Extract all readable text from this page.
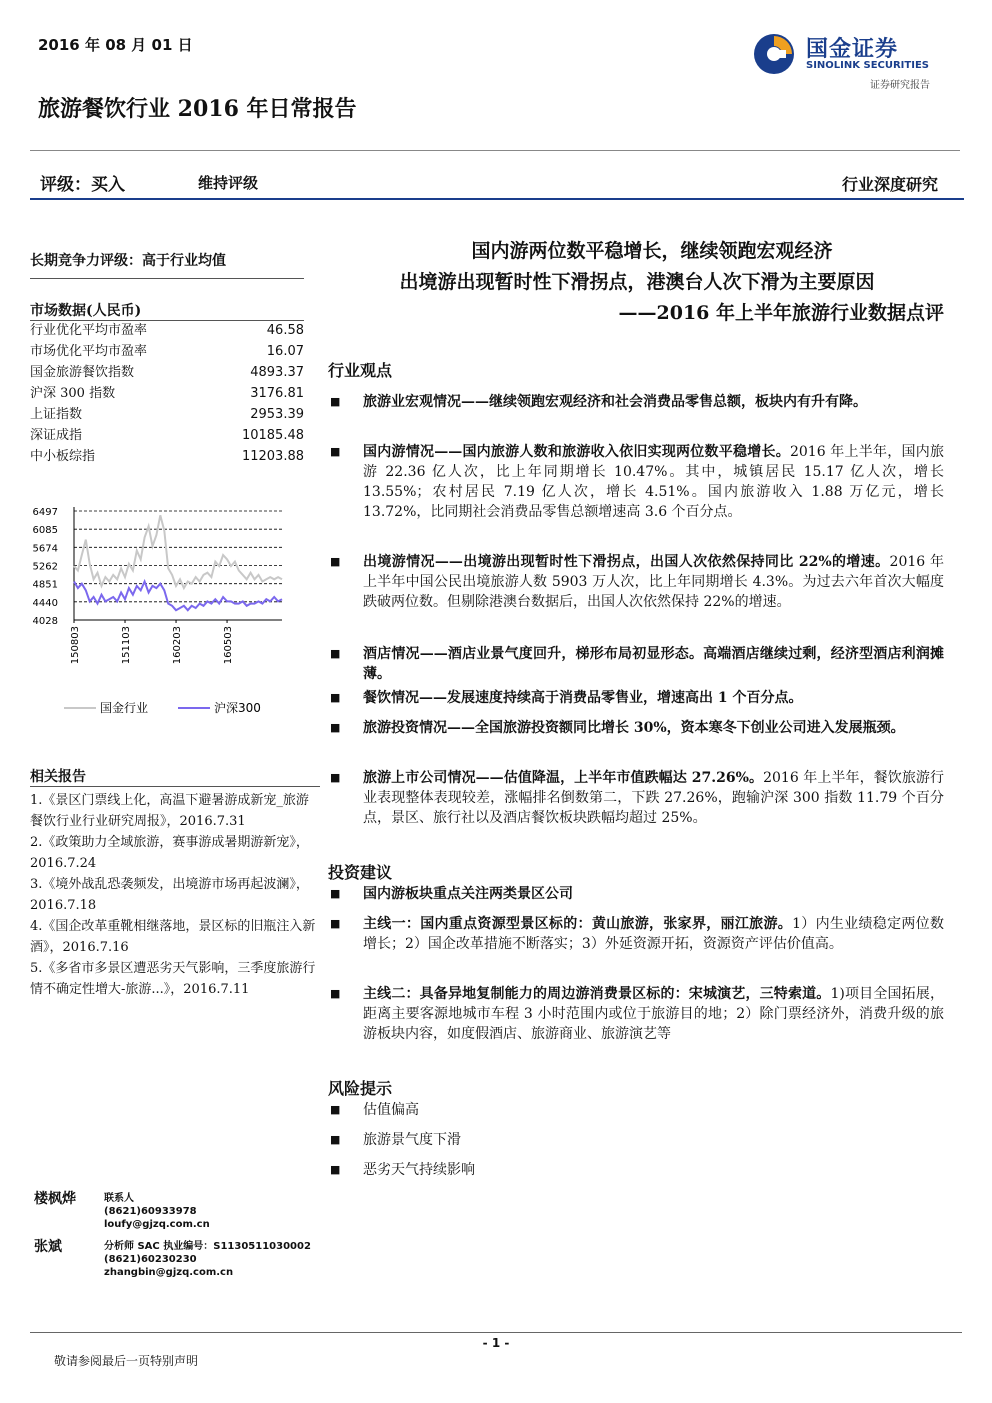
2016 年 08 月 01 日	国金证券
SINOLINK SECURITIES
证券研究报告
旅游餐饮行业 2016 年日常报告
评级：买入	维持评级	行业深度研究
长期竞争力评级：高于行业均值
市场数据(人民币)
行业优化平均市盈率	46.58
市场优化平均市盈率	16.07
国金旅游餐饮指数	4893.37
沪深 300 指数	3176.81
上证指数	2953.39
深证成指	10185.48
中小板综指	11203.88
6497
6085
5674
5262
4851
4440
4028
150803	151103	160203	160503
国金行业	沪深300
相关报告

1.《景区门票线上化，高温下避暑游成新宠_旅游餐饮行业行业研究周报》，2016.7.31

2.《政策助力全域旅游，赛事游成暑期游新宠》，2016.7.24

3.《境外战乱恐袭频发，出境游市场再起波澜》，2016.7.18

4.《国企改革重靴相继落地，景区标的旧瓶注入新酒》，2016.7.16

5.《多省市多景区遭恶劣天气影响，三季度旅游行情不确定性增大-旅游...》，2016.7.11

国内游两位数平稳增长，继续领跑宏观经济
出境游出现暂时性下滑拐点，港澳台人次下滑为主要原因
——2016 年上半年旅游行业数据点评
行业观点
■ 旅游业宏观情况——继续领跑宏观经济和社会消费品零售总额，板块内有升有降。
■ 国内游情况——国内旅游人数和旅游收入依旧实现两位数平稳增长。2016 年上半年，国内旅游 22.36 亿人次，比上年同期增长 10.47%。其中，城镇居民 15.17 亿人次，增长 13.55%；农村居民 7.19 亿人次，增长 4.51%。国内旅游收入 1.88 万亿元，增长 13.72%，比同期社会消费品零售总额增速高 3.6 个百分点。
■ 出境游情况——出境游出现暂时性下滑拐点，出国人次依然保持同比 22%的增速。2016 年上半年中国公民出境旅游人数 5903 万人次，比上年同期增长 4.3%。为过去六年首次大幅度跌破两位数。但剔除港澳台数据后，出国人次依然保持 22%的增速。
■ 酒店情况——酒店业景气度回升，梯形布局初显形态。高端酒店继续过剩，经济型酒店利润摊薄。
■ 餐饮情况——发展速度持续高于消费品零售业，增速高出 1 个百分点。
■ 旅游投资情况——全国旅游投资额同比增长 30%，资本寒冬下创业公司进入发展瓶颈。
■ 旅游上市公司情况——估值降温，上半年市值跌幅达 27.26%。2016 年上半年，餐饮旅游行业表现整体表现较差，涨幅排名倒数第二，下跌 27.26%，跑输沪深 300 指数 11.79 个百分点，景区、旅行社以及酒店餐饮板块跌幅均超过 25%。
投资建议
■ 国内游板块重点关注两类景区公司
■ 主线一：国内重点资源型景区标的：黄山旅游，张家界，丽江旅游。1）内生业绩稳定两位数增长；2）国企改革措施不断落实；3）外延资源开拓，资源资产评估价值高。
■ 主线二：具备异地复制能力的周边游消费景区标的：宋城演艺，三特索道。1)项目全国拓展，距离主要客源地城市车程 3 小时范围内或位于旅游目的地；2）除门票经济外，消费升级的旅游板块内容，如度假酒店、旅游商业、旅游演艺等
风险提示
■ 估值偏高
■ 旅游景气度下滑
■ 恶劣天气持续影响
楼枫烨	联系人
(8621)60933978
loufy@gjzq.com.cn
张斌	分析师 SAC 执业编号：S1130511030002
(8621)60230230
zhangbin@gjzq.com.cn
- 1 -
敬请参阅最后一页特别声明
